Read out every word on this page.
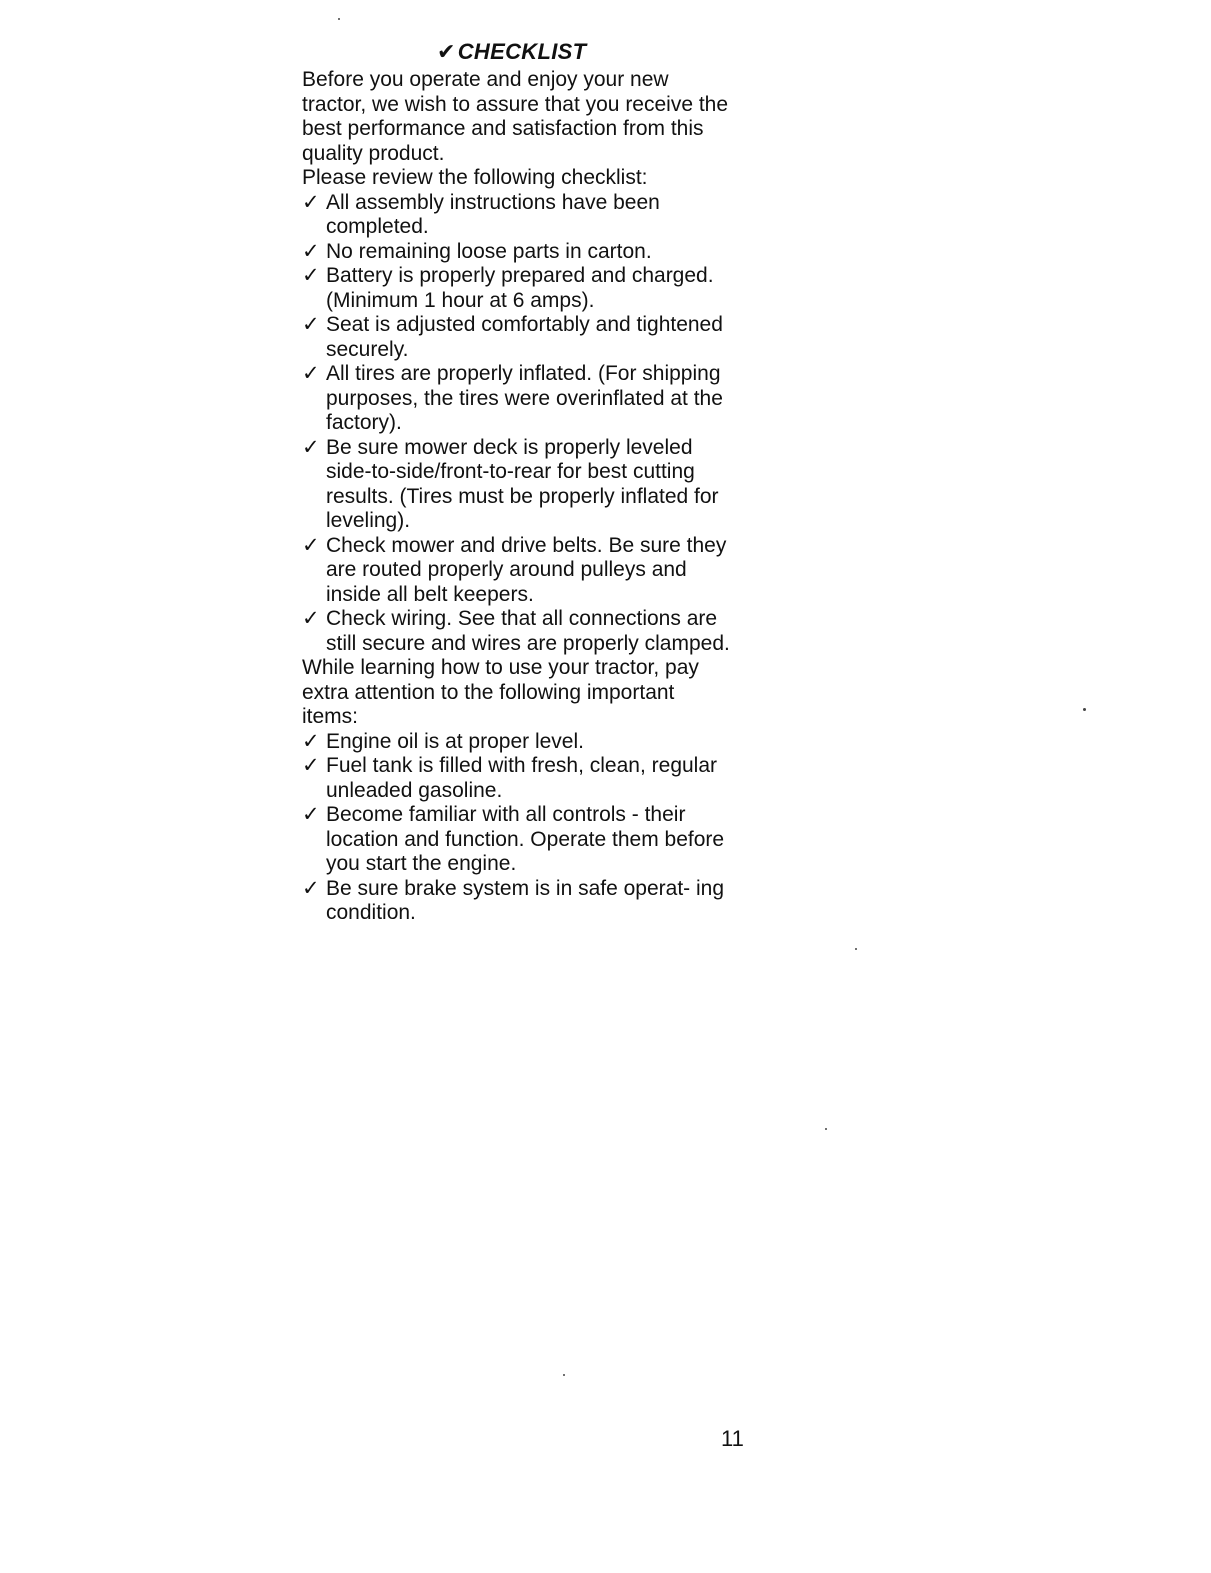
✔CHECKLIST

Before you operate and enjoy your new tractor, we wish to assure that you receive the best performance and satisfaction from this quality product.

Please review the following checklist:

✓ All assembly instructions have been completed.
✓ No remaining loose parts in carton.
✓ Battery is properly prepared and charged. (Minimum 1 hour at 6 amps).
✓ Seat is adjusted comfortably and tightened securely.
✓ All tires are properly inflated. (For shipping purposes, the tires were overinflated at the factory).
✓ Be sure mower deck is properly leveled side-to-side/front-to-rear for best cutting results. (Tires must be properly inflated for leveling).
✓ Check mower and drive belts. Be sure they are routed properly around pulleys and inside all belt keepers.
✓ Check wiring. See that all connections are still secure and wires are properly clamped.

While learning how to use your tractor, pay extra attention to the following important items:

✓ Engine oil is at proper level.
✓ Fuel tank is filled with fresh, clean, regular unleaded gasoline.
✓ Become familiar with all controls - their location and function. Operate them before you start the engine.
✓ Be sure brake system is in safe operat- ing condition.
11
